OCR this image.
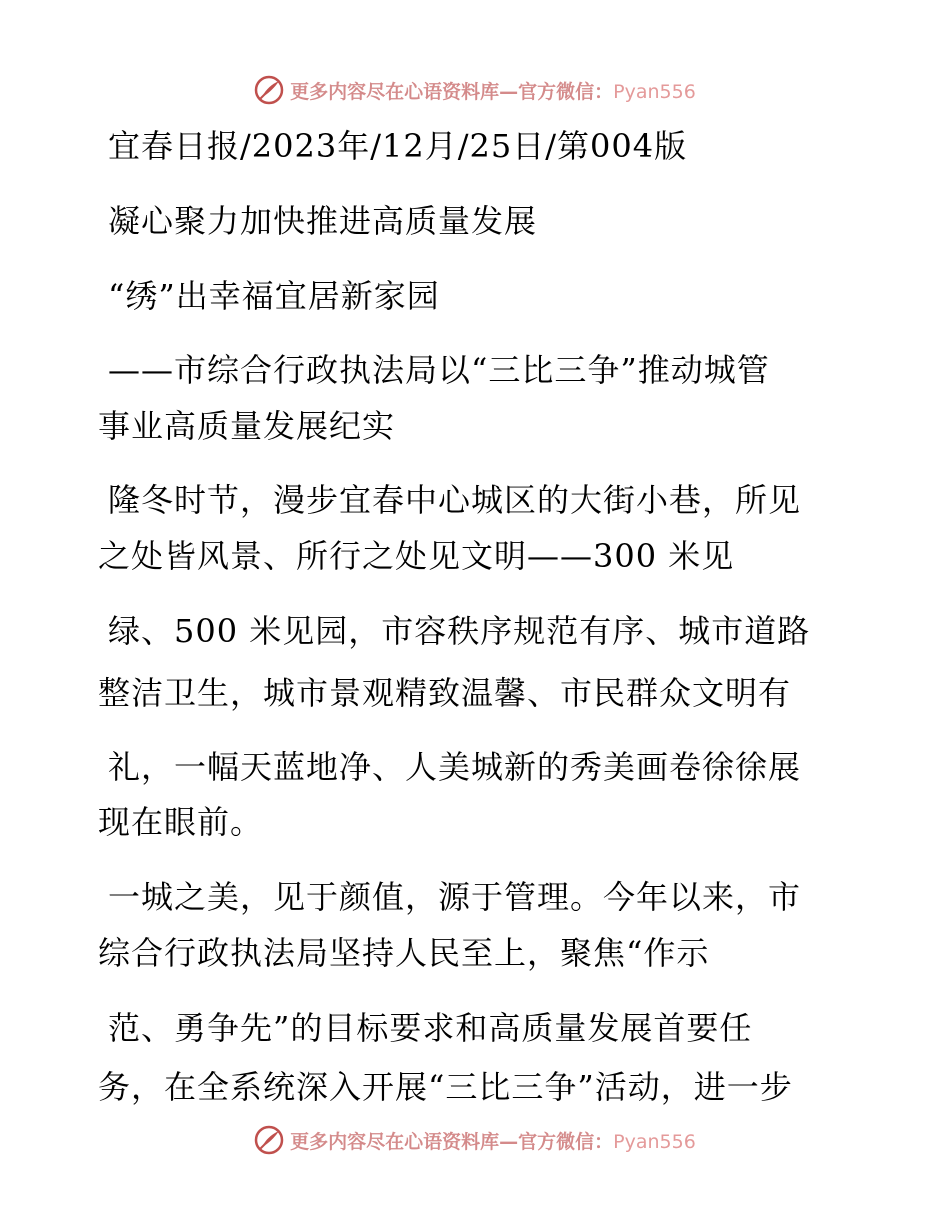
更多内容尽在心语资料库—官方微信：Pyan556
宜春日报/2023年/12月/25日/第004版
凝心聚力加快推进高质量发展
“绣”出幸福宜居新家园
——市综合行政执法局以“三比三争”推动城管
事业高质量发展纪实
隆冬时节，漫步宜春中心城区的大街小巷，所见
之处皆风景、所行之处见文明——300 米见
绿、500 米见园，市容秩序规范有序、城市道路
整洁卫生，城市景观精致温馨、市民群众文明有
礼，一幅天蓝地净、人美城新的秀美画卷徐徐展
现在眼前。
一城之美，见于颜值，源于管理。今年以来，市
综合行政执法局坚持人民至上，聚焦“作示
范、勇争先”的目标要求和高质量发展首要任
务，在全系统深入开展“三比三争”活动，进一步
更多内容尽在心语资料库—官方微信：Pyan556
